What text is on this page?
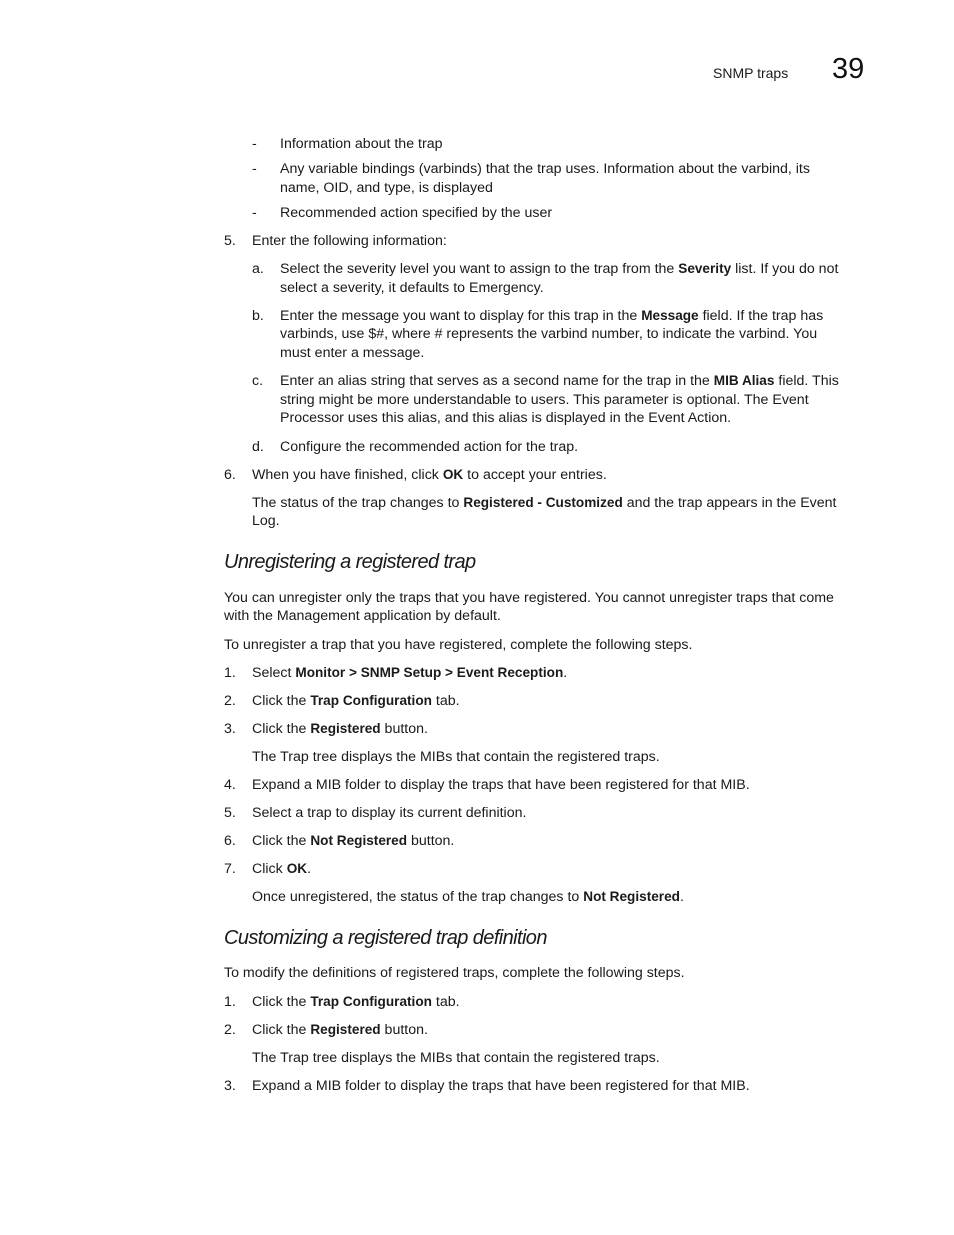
SNMP traps 39
- Information about the trap
- Any variable bindings (varbinds) that the trap uses. Information about the varbind, its
name, OID, and type, is displayed
- Recommended action specified by the user
5. Enter the following information:
a. Select the severity level you want to assign to the trap from the Severity list. If you do not
select a severity, it defaults to Emergency.
b. Enter the message you want to display for this trap in the Message field. If the trap has
varbinds, use $#, where # represents the varbind number, to indicate the varbind. You
must enter a message.
c. Enter an alias string that serves as a second name for the trap in the MIB Alias field. This
string might be more understandable to users. This parameter is optional. The Event
Processor uses this alias, and this alias is displayed in the Event Action.
d. Configure the recommended action for the trap.
6. When you have finished, click OK to accept your entries.
The status of the trap changes to Registered - Customized and the trap appears in the Event
Log.
Unregistering a registered trap
You can unregister only the traps that you have registered. You cannot unregister traps that come
with the Management application by default.
To unregister a trap that you have registered, complete the following steps.
1. Select Monitor > SNMP Setup > Event Reception.
2. Click the Trap Configuration tab.
3. Click the Registered button.
The Trap tree displays the MIBs that contain the registered traps.
4. Expand a MIB folder to display the traps that have been registered for that MIB.
5. Select a trap to display its current definition.
6. Click the Not Registered button.
7. Click OK.
Once unregistered, the status of the trap changes to Not Registered.
Customizing a registered trap definition
To modify the definitions of registered traps, complete the following steps.
1. Click the Trap Configuration tab.
2. Click the Registered button.
The Trap tree displays the MIBs that contain the registered traps.
3. Expand a MIB folder to display the traps that have been registered for that MIB.
